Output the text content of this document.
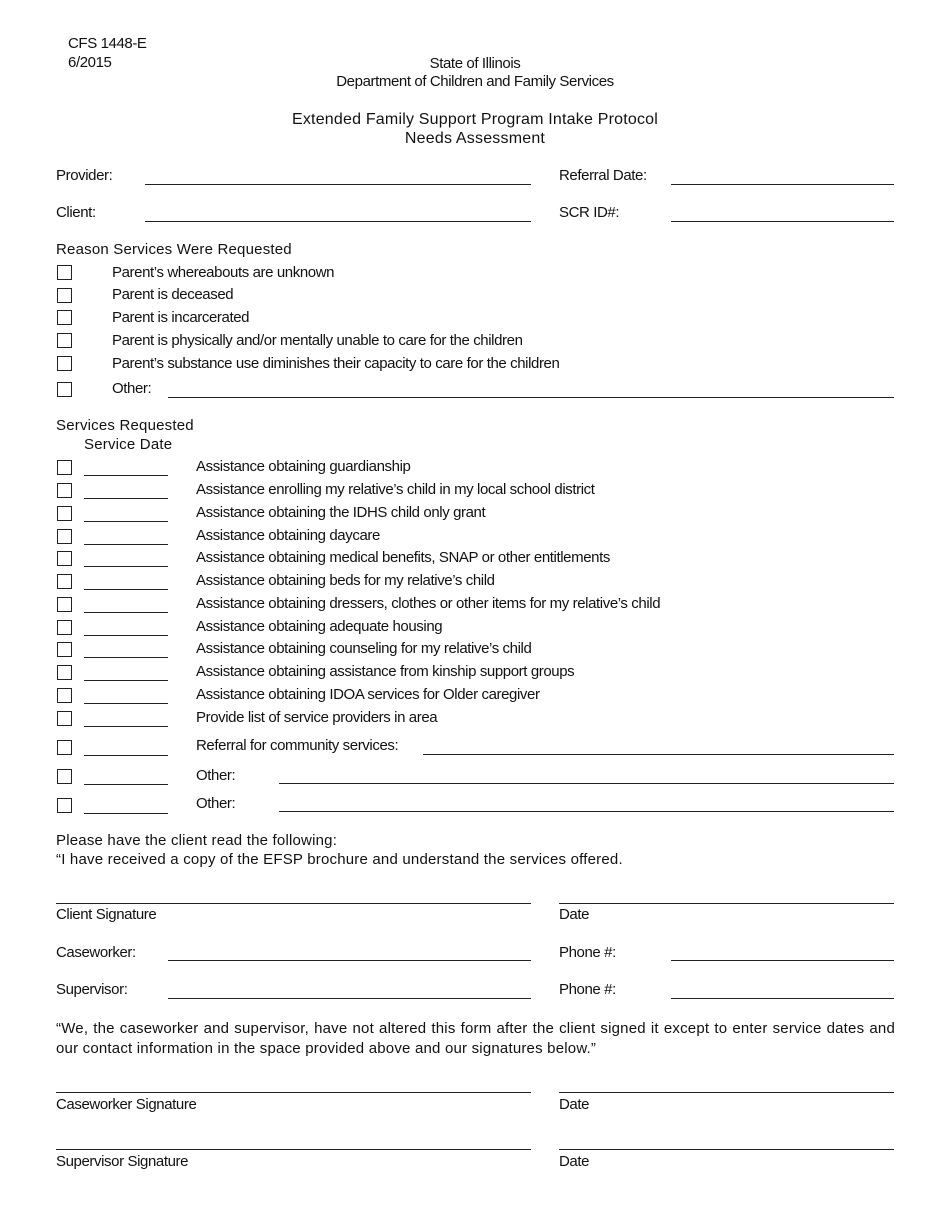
CFS 1448-E
6/2015	State of Illinois
Department of Children and Family Services
Extended Family Support Program Intake Protocol
Needs Assessment
Provider:	Referral Date:
Client:	SCR ID#:
Reason Services Were Requested
Parent’s whereabouts are unknown
Parent is deceased
Parent is incarcerated
Parent is physically and/or mentally unable to care for the children
Parent’s substance use diminishes their capacity to care for the children
Other:
Services Requested
Service Date
Assistance obtaining guardianship
Assistance enrolling my relative’s child in my local school district
Assistance obtaining the IDHS child only grant
Assistance obtaining daycare
Assistance obtaining medical benefits, SNAP or other entitlements
Assistance obtaining beds for my relative’s child
Assistance obtaining dressers, clothes or other items for my relative’s child
Assistance obtaining adequate housing
Assistance obtaining counseling for my relative’s child
Assistance obtaining assistance from kinship support groups
Assistance obtaining IDOA services for Older caregiver
Provide list of service providers in area
Referral for community services:
Other:
Other:
Please have the client read the following:
“I have received a copy of the EFSP brochure and understand the services offered.
Client Signature	Date
Caseworker:	Phone #:
Supervisor:	Phone #:
“We, the caseworker and supervisor, have not altered this form after the client signed it except to enter service dates and our contact information in the space provided above and our signatures below.”
Caseworker Signature	Date
Supervisor Signature	Date
